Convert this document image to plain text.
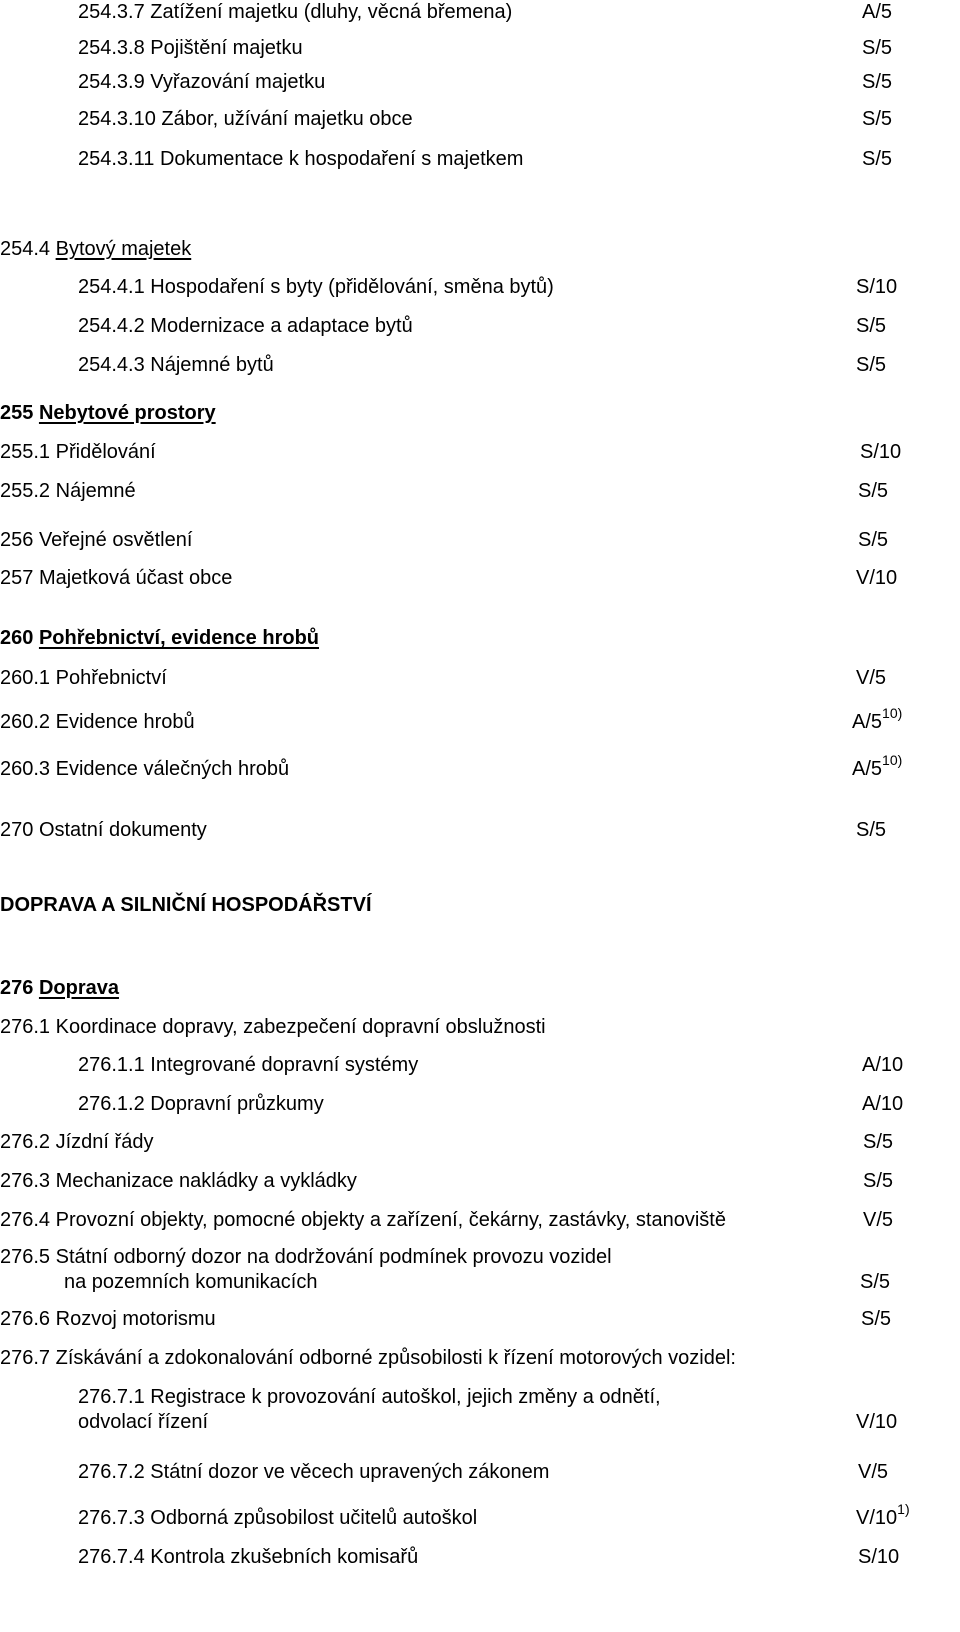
254.3.7 Zatížení majetku (dluhy, věcná břemena)	A/5
254.3.8 Pojištění majetku	S/5
254.3.9 Vyřazování majetku	S/5
254.3.10 Zábor, užívání majetku obce	S/5
254.3.11 Dokumentace k hospodaření s majetkem	S/5
254.4 Bytový majetek
254.4.1 Hospodaření s byty (přidělování, směna bytů)	S/10
254.4.2 Modernizace a adaptace bytů	S/5
254.4.3 Nájemné bytů	S/5
255 Nebytové prostory
255.1 Přidělování	S/10
255.2 Nájemné	S/5
256 Veřejné osvětlení	S/5
257 Majetková účast obce	V/10
260 Pohřebnictví, evidence hrobů
260.1 Pohřebnictví	V/5
260.2 Evidence hrobů	A/5$^{10)}$
260.3 Evidence válečných hrobů	A/5$^{10)}$
270 Ostatní dokumenty	S/5
DOPRAVA A SILNIČNÍ HOSPODÁŘSTVÍ
276 Doprava
276.1 Koordinace dopravy, zabezpečení dopravní obslužnosti
276.1.1 Integrované dopravní systémy	A/10
276.1.2 Dopravní průzkumy	A/10
276.2 Jízdní řády	S/5
276.3 Mechanizace nakládky a vykládky	S/5
276.4 Provozní objekty, pomocné objekty a zařízení, čekárny, zastávky, stanoviště	V/5
276.5 Státní odborný dozor na dodržování podmínek provozu vozidel
na pozemních komunikacích	S/5
276.6 Rozvoj motorismu	S/5
276.7 Získávání a zdokonalování odborné způsobilosti k řízení motorových vozidel:
276.7.1 Registrace k provozování autoškol, jejich změny a odnětí,
odvolací řízení	V/10
276.7.2 Státní dozor ve věcech upravených zákonem	V/5
276.7.3 Odborná způsobilost učitelů autoškol	V/10$^{1)}$
276.7.4 Kontrola zkušebních komisařů	S/10
